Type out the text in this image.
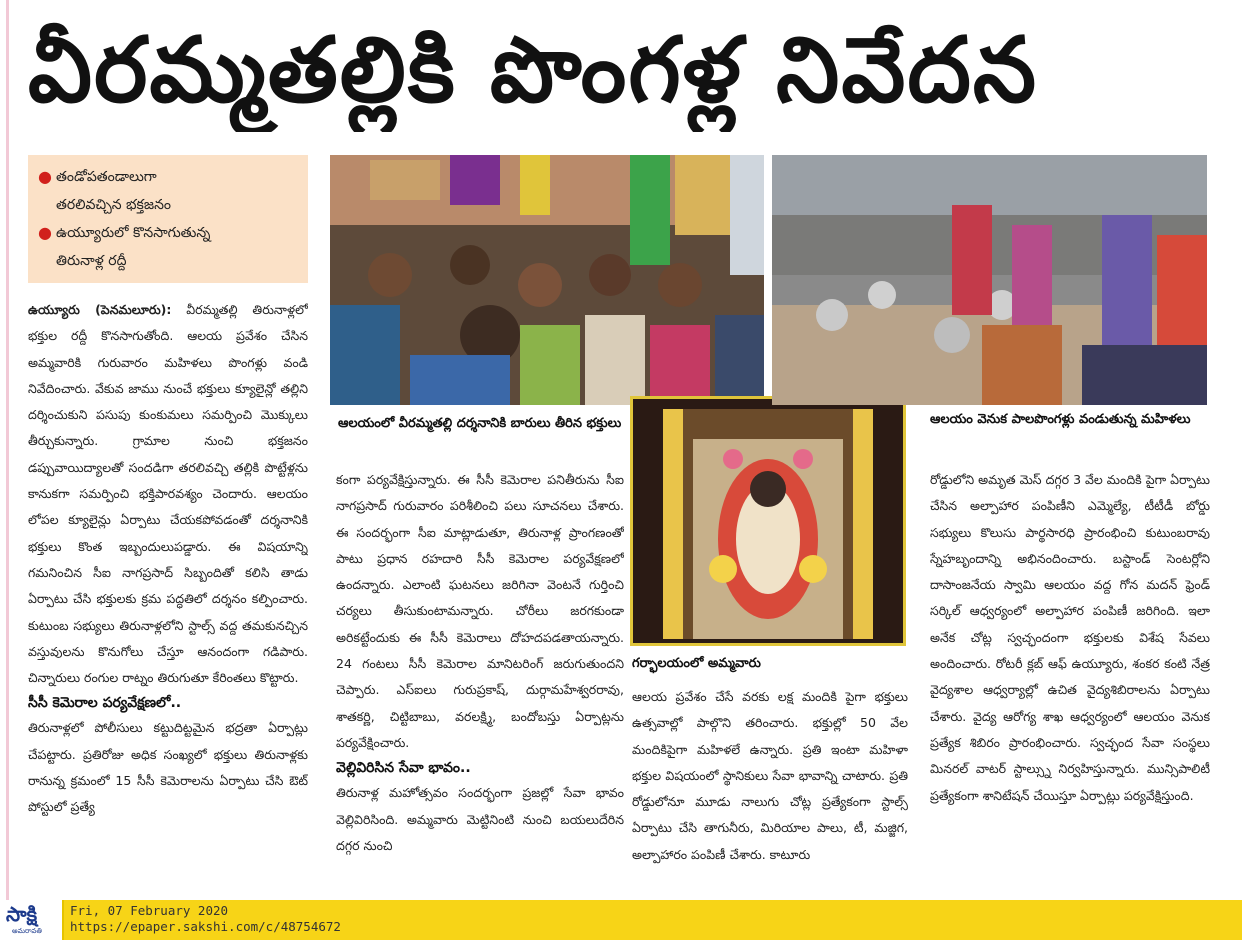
వీరమ్మతల్లికి పొంగళ్ల నివేదన
● తండోపతండాలుగా
తరలివచ్చిన భక్తజనం
● ఉయ్యూరులో కొనసాగుతున్న
తిరునాళ్ల రద్దీ

ఉయ్యూరు (పెనమలూరు): వీరమ్మతల్లి తిరునాళ్లలో భక్తుల రద్దీ కొనసాగుతోంది. ఆలయ ప్రవేశం చేసిన అమ్మవారికి గురువారం మహిళలు పొంగళ్లు వండి నివేదించారు. వేకువ జాము నుంచే భక్తులు క్యూలైన్లో తల్లిని దర్శించుకుని పసుపు కుంకుమలు సమర్పించి మొక్కులు తీర్చుకున్నారు. గ్రామాల నుంచి భక్తజనం డప్పువాయిద్యాలతో సందడిగా తరలివచ్చి తల్లికి పొట్టేళ్లను కానుకగా సమర్పించి భక్తిపారవశ్యం చెందారు. ఆలయం లోపల క్యూలైన్లు ఏర్పాటు చేయకపోవడంతో దర్శనానికి భక్తులు కొంత ఇబ్బందులుపడ్డారు. ఈ విషయాన్ని గమనించిన సీఐ నాగప్రసాద్ సిబ్బందితో కలిసి తాడు ఏర్పాటు చేసి భక్తులకు క్రమ పద్ధతిలో దర్శనం కల్పించారు. కుటుంబ సభ్యులు తిరునాళ్లలోని స్టాల్స్ వద్ద తమకునచ్చిన వస్తువులను కొనుగోలు చేస్తూ ఆనందంగా గడిపారు. చిన్నారులు రంగుల రాట్నం తిరుగుతూ కేరింతలు కొట్టారు.

సీసీ కెమెరాల పర్యవేక్షణలో..

తిరునాళ్లలో పోలీసులు కట్టుదిట్టమైన భద్రతా ఏర్పాట్లు చేపట్టారు. ప్రతిరోజు అధిక సంఖ్యలో భక్తులు తిరునాళ్లకు రానున్న క్రమంలో 15 సీసీ కెమెరాలను ఏర్పాటు చేసి ఔట్ పోస్టులో ప్రత్యే

ఆలయంలో వీరమ్మతల్లి దర్శనానికి బారులు తీరిన భక్తులు

కంగా పర్యవేక్షిస్తున్నారు. ఈ సీసీ కెమెరాల పనితీరును సీఐ నాగప్రసాద్ గురువారం పరిశీలించి పలు సూచనలు చేశారు. ఈ సందర్భంగా సీఐ మాట్లాడుతూ, తిరునాళ్ల ప్రాంగణంతో పాటు ప్రధాన రహదారి సీసీ కెమెరాల పర్యవేక్షణలో ఉందన్నారు. ఎలాంటి ఘటనలు జరిగినా వెంటనే గుర్తించి చర్యలు తీసుకుంటామన్నారు. చోరీలు జరగకుండా అరికట్టేందుకు ఈ సీసీ కెమెరాలు దోహదపడతాయన్నారు. 24 గంటలు సీసీ కెమెరాల మానిటరింగ్ జరుగుతుందని చెప్పారు. ఎస్ఐలు గురుప్రకాష్, దుర్గామహేశ్వరరావు, శాతకర్ణి, చిట్టిబాబు, వరలక్ష్మి, బందోబస్తు ఏర్పాట్లను పర్యవేక్షించారు.

వెల్లివిరిసిన సేవా భావం..

తిరునాళ్ల మహోత్సవం సందర్భంగా ప్రజల్లో సేవా భావం వెల్లివిరిసింది. అమ్మవారు మెట్టినింటి నుంచి బయలుదేరిన దగ్గర నుంచి

గర్భాలయంలో అమ్మవారు

ఆలయ ప్రవేశం చేసే వరకు లక్ష మందికి పైగా భక్తులు ఉత్సవాల్లో పాల్గొని తరించారు. భక్తుల్లో 50 వేల మందికిపైగా మహిళలే ఉన్నారు. ప్రతి ఇంటా మహిళా భక్తుల విషయంలో స్థానికులు సేవా భావాన్ని చాటారు. ప్రతి రోడ్డులోనూ మూడు నాలుగు చోట్ల ప్రత్యేకంగా స్టాల్స్ ఏర్పాటు చేసి తాగునీరు, మిరియాల పాలు, టీ, మజ్జిగ, అల్పాహారం పంపిణీ చేశారు. కాటూరు

ఆలయం వెనుక పాలపొంగళ్లు వండుతున్న మహిళలు

రోడ్డులోని అమృత మెస్ దగ్గర 3 వేల మందికి పైగా ఏర్పాటు చేసిన అల్పాహార పంపిణీని ఎమ్మెల్యే, టీటీడీ బోర్డు సభ్యులు కొలుసు పార్థసారధి ప్రారంభించి కుటుంబరావు స్నేహబృందాన్ని అభినందించారు. బస్టాండ్ సెంటర్లోని దాసాంజనేయ స్వామి ఆలయం వద్ద గోన మదన్ ఫ్రెండ్ సర్కిల్ ఆధ్వర్యంలో అల్పాహార పంపిణీ జరిగింది. ఇలా అనేక చోట్ల స్వచ్ఛందంగా భక్తులకు విశేష సేవలు అందించారు. రోటరీ క్లబ్ ఆఫ్ ఉయ్యూరు, శంకర కంటి నేత్ర వైద్యశాల ఆధ్వర్యాల్లో ఉచిత వైద్యశిబిరాలను ఏర్పాటు చేశారు. వైద్య ఆరోగ్య శాఖ ఆధ్వర్యంలో ఆలయం వెనుక ప్రత్యేక శిబిరం ప్రారంభించారు. స్వచ్ఛంద సేవా సంస్థలు మినరల్ వాటర్ స్టాల్స్ను నిర్వహిస్తున్నారు. మున్సిపాలిటీ ప్రత్యేకంగా శానిటేషన్ చేయిస్తూ ఏర్పాట్లు పర్యవేక్షిస్తుంది.

సాక్షి
అమరావతి
Fri, 07 February 2020
https://epaper.sakshi.com/c/48754672
